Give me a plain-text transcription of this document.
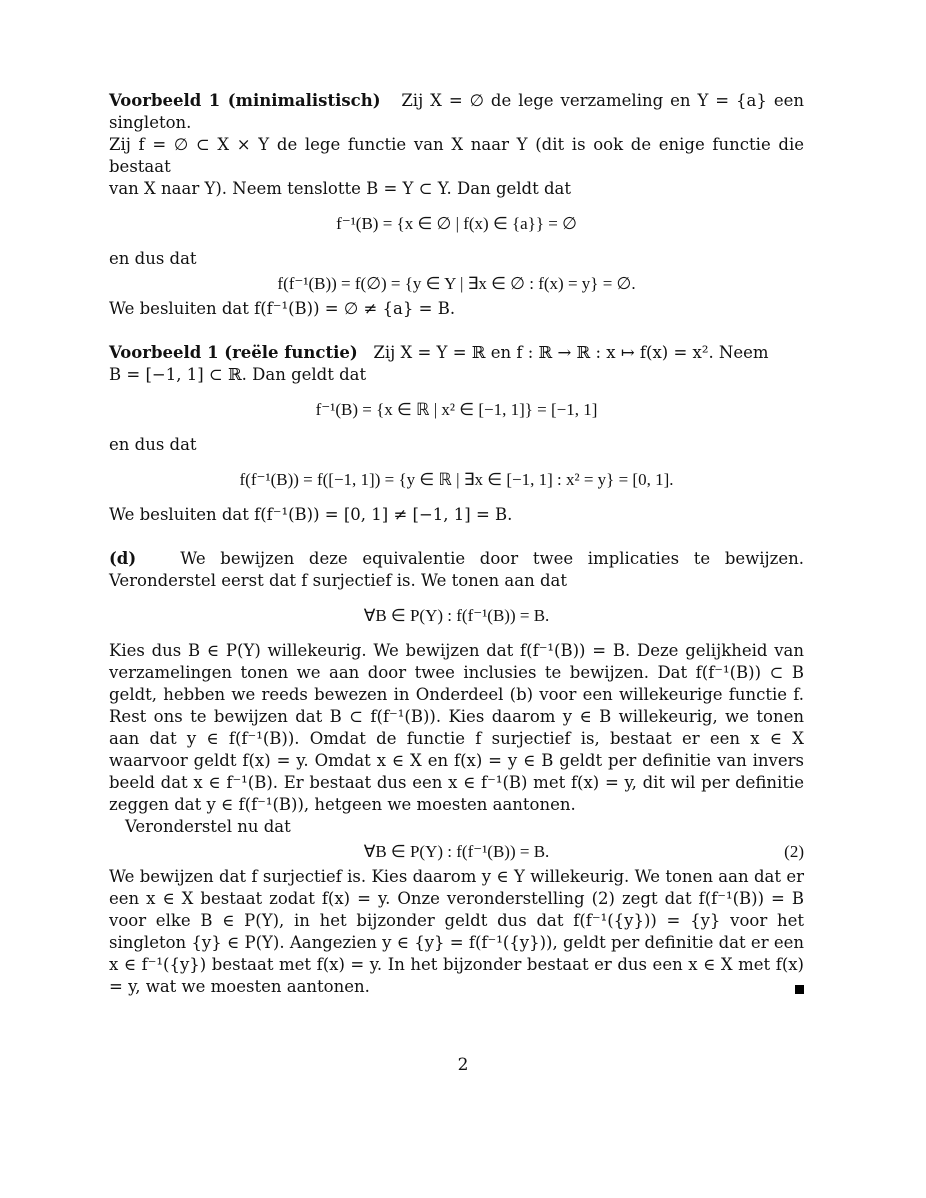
Voorbeeld 1 (minimalistisch) Zij X = ∅ de lege verzameling en Y = {a} een singleton.

Zij f = ∅ ⊂ X × Y de lege functie van X naar Y (dit is ook de enige functie die bestaat

van X naar Y). Neem tenslotte B = Y ⊂ Y. Dan geldt dat

f⁻¹(B) = {x ∈ ∅ | f(x) ∈ {a}} = ∅

en dus dat

f(f⁻¹(B)) = f(∅) = {y ∈ Y | ∃x ∈ ∅ : f(x) = y} = ∅.

We besluiten dat f(f⁻¹(B)) = ∅ ≠ {a} = B.

Voorbeeld 1 (reële functie) Zij X = Y = ℝ en f : ℝ → ℝ : x ↦ f(x) = x². Neem

B = [−1, 1] ⊂ ℝ. Dan geldt dat

f⁻¹(B) = {x ∈ ℝ | x² ∈ [−1, 1]} = [−1, 1]

en dus dat

f(f⁻¹(B)) = f([−1, 1]) = {y ∈ ℝ | ∃x ∈ [−1, 1] : x² = y} = [0, 1].

We besluiten dat f(f⁻¹(B)) = [0, 1] ≠ [−1, 1] = B.

(d)	We bewijzen deze equivalentie door twee implicaties te bewijzen. Veronderstel eerst dat f surjectief is. We tonen aan dat

∀B ∈ P(Y) : f(f⁻¹(B)) = B.

Kies dus B ∈ P(Y) willekeurig. We bewijzen dat f(f⁻¹(B)) = B. Deze gelijkheid van verzamelingen tonen we aan door twee inclusies te bewijzen. Dat f(f⁻¹(B)) ⊂ B geldt, hebben we reeds bewezen in Onderdeel (b) voor een willekeurige functie f. Rest ons te bewijzen dat B ⊂ f(f⁻¹(B)). Kies daarom y ∈ B willekeurig, we tonen aan dat y ∈ f(f⁻¹(B)). Omdat de functie f surjectief is, bestaat er een x ∈ X waarvoor geldt f(x) = y. Omdat x ∈ X en f(x) = y ∈ B geldt per definitie van invers beeld dat x ∈ f⁻¹(B). Er bestaat dus een x ∈ f⁻¹(B) met f(x) = y, dit wil per definitie zeggen dat y ∈ f(f⁻¹(B)), hetgeen we moesten aantonen.

Veronderstel nu dat

∀B ∈ P(Y) : f(f⁻¹(B)) = B.	(2)

We bewijzen dat f surjectief is. Kies daarom y ∈ Y willekeurig. We tonen aan dat er een x ∈ X bestaat zodat f(x) = y. Onze veronderstelling (2) zegt dat f(f⁻¹(B)) = B voor elke B ∈ P(Y), in het bijzonder geldt dus dat f(f⁻¹({y})) = {y} voor het singleton {y} ∈ P(Y). Aangezien y ∈ {y} = f(f⁻¹({y})), geldt per definitie dat er een x ∈ f⁻¹({y}) bestaat met f(x) = y. In het bijzonder bestaat er dus een x ∈ X met f(x) = y, wat we moesten aantonen.

2
